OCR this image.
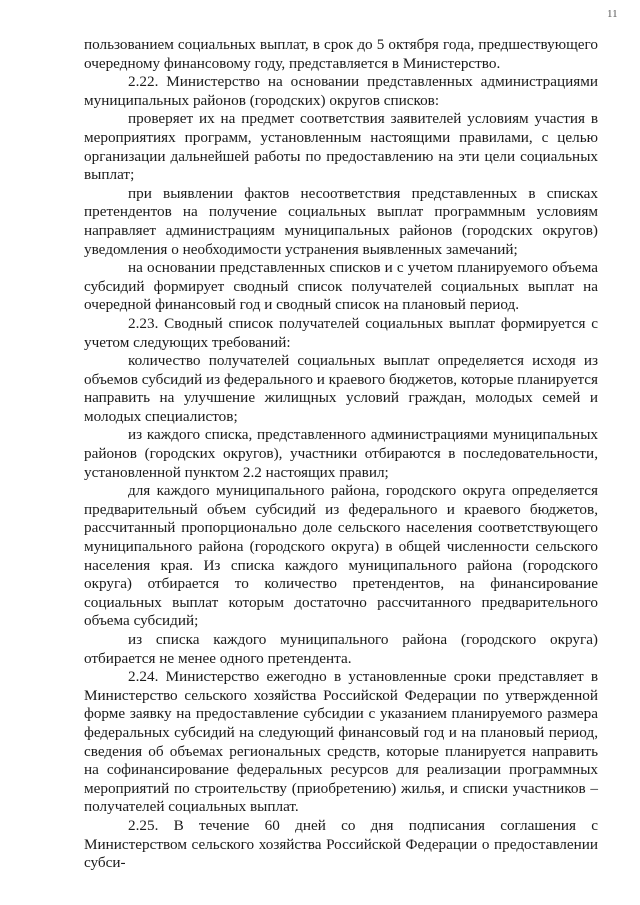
11

пользованием социальных выплат, в срок до 5 октября года, предшествующего очередному финансовому году, представляется в Министерство.

2.22. Министерство на основании представленных администрациями муниципальных районов (городских) округов списков:

проверяет их на предмет соответствия заявителей условиям участия в мероприятиях программ, установленным настоящими правилами, с целью организации дальнейшей работы по предоставлению на эти цели социальных выплат;

при выявлении фактов несоответствия представленных в списках претендентов на получение социальных выплат программным условиям направляет администрациям муниципальных районов (городских округов) уведомления о необходимости устранения выявленных замечаний;

на основании представленных списков и с учетом планируемого объема субсидий формирует сводный список получателей социальных выплат на очередной финансовый год и сводный список на плановый период.

2.23. Сводный список получателей социальных выплат формируется с учетом следующих требований:

количество получателей социальных выплат определяется исходя из объемов субсидий из федерального и краевого бюджетов, которые планируется направить на улучшение жилищных условий граждан, молодых семей и молодых специалистов;

из каждого списка, представленного администрациями муниципальных районов (городских округов), участники отбираются в последовательности, установленной пунктом 2.2 настоящих правил;

для каждого муниципального района, городского округа определяется предварительный объем субсидий из федерального и краевого бюджетов, рассчитанный пропорционально доле сельского населения соответствующего муниципального района (городского округа) в общей численности сельского населения края. Из списка каждого муниципального района (городского округа) отбирается то количество претендентов, на финансирование социальных выплат которым достаточно рассчитанного предварительного объема субсидий;

из списка каждого муниципального района (городского округа) отбирается не менее одного претендента.

2.24. Министерство ежегодно в установленные сроки представляет в Министерство сельского хозяйства Российской Федерации по утвержденной форме заявку на предоставление субсидии с указанием планируемого размера федеральных субсидий на следующий финансовый год и на плановый период, сведения об объемах региональных средств, которые планируется направить на софинансирование федеральных ресурсов для реализации программных мероприятий по строительству (приобретению) жилья, и списки участников – получателей социальных выплат.

2.25. В течение 60 дней со дня подписания соглашения с Министерством сельского хозяйства Российской Федерации о предоставлении субси-
